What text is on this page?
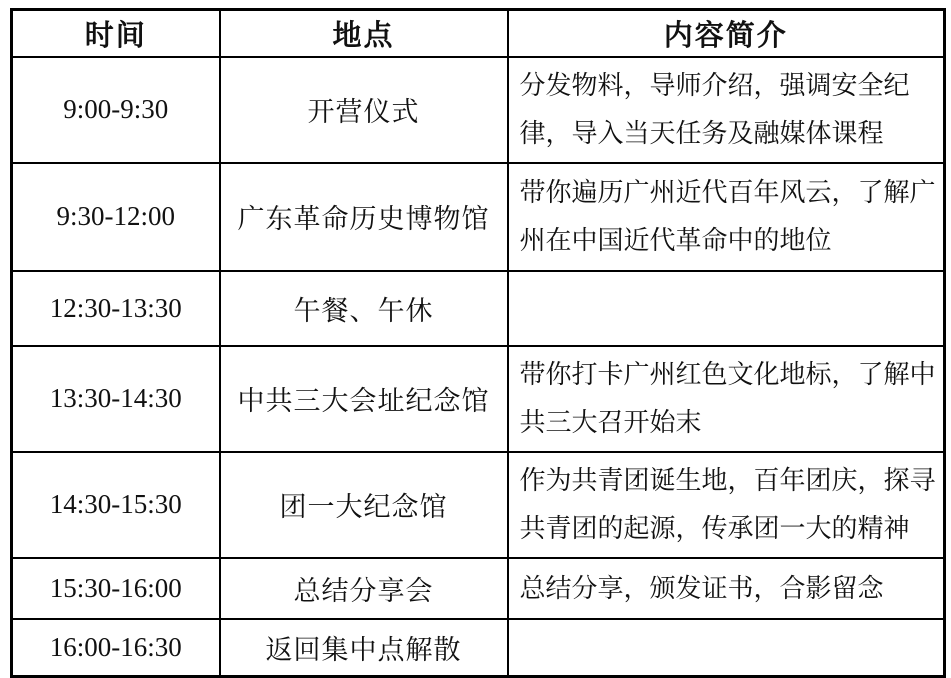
时间	地点	内容简介
9:00-9:30	开营仪式	分发物料，导师介绍，强调安全纪律，导入当天任务及融媒体课程
9:30-12:00	广东革命历史博物馆	带你遍历广州近代百年风云，了解广州在中国近代革命中的地位
12:30-13:30	午餐、午休	
13:30-14:30	中共三大会址纪念馆	带你打卡广州红色文化地标，了解中共三大召开始末
14:30-15:30	团一大纪念馆	作为共青团诞生地，百年团庆，探寻共青团的起源，传承团一大的精神
15:30-16:00	总结分享会	总结分享，颁发证书，合影留念
16:00-16:30	返回集中点解散	
